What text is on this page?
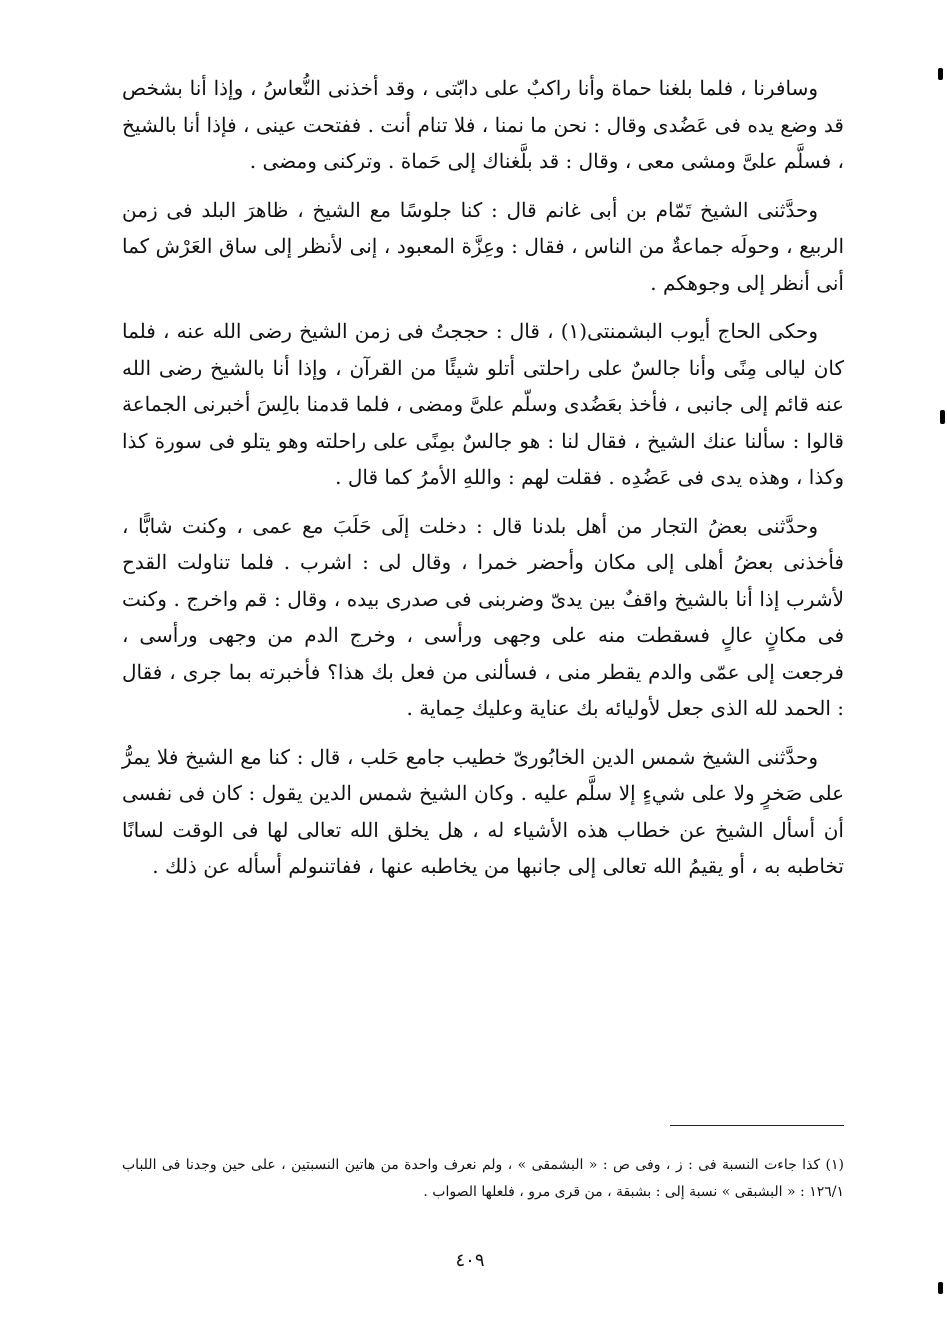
وسافرنا ، فلما بلغنا حماة وأنا راكبٌ على دابّتى ، وقد أخذنى النُّعاسُ ، وإذا أنا بشخص قد وضع يده فى عَضُدى وقال : نحن ما نمنا ، فلا تنام أنت . ففتحت عينى ، فإذا أنا بالشيخ ، فسلَّم علىَّ ومشى معى ، وقال : قد بلَّغناك إلى حَماة . وتركنى ومضى .

وحدَّثنى الشيخ تَمّام بن أبى غانم قال : كنا جلوسًا مع الشيخ ، ظاهرَ البلد فى زمن الربيع ، وحولَه جماعةٌ من الناس ، فقال : وعِزَّة المعبود ، إنى لأنظر إلى ساق العَرْش كما أنى أنظر إلى وجوهكم .

وحكى الحاج أيوب البشمنتى(١) ، قال : حججتُ فى زمن الشيخ رضى الله عنه ، فلما كان ليالى مِنًى وأنا جالسٌ على راحلتى أتلو شيئًا من القرآن ، وإذا أنا بالشيخ رضى الله عنه قائم إلى جانبى ، فأخذ بعَضُدى وسلّم علىَّ ومضى ، فلما قدمنا بالِسَ أخبرنى الجماعة قالوا : سألنا عنك الشيخ ، فقال لنا : هو جالسٌ بمِنًى على راحلته وهو يتلو فى سورة كذا وكذا ، وهذه يدى فى عَضُدِه . فقلت لهم : واللهِ الأمرُ كما قال .

وحدَّثنى بعضُ التجار من أهل بلدنا قال : دخلت إلَى حَلَبَ مع عمى ، وكنت شابًّا ، فأخذنى بعضُ أهلى إلى مكان وأحضر خمرا ، وقال لى : اشرب . فلما تناولت القدح لأشرب إذا أنا بالشيخ واقفٌ بين يدىّ وضربنى فى صدرى بيده ، وقال : قم واخرج . وكنت فى مكانٍ عالٍ فسقطت منه على وجهى ورأسى ، وخرج الدم من وجهى ورأسى ، فرجعت إلى عمّى والدم يقطر منى ، فسألنى من فعل بك هذا؟ فأخبرته بما جرى ، فقال : الحمد لله الذى جعل لأوليائه بك عناية وعليك حِماية .

وحدَّثنى الشيخ شمس الدين الخابُورىّ خطيب جامع حَلب ، قال : كنا مع الشيخ فلا يمرُّ على صَخرٍ ولا على شيءٍ إلا سلَّم عليه . وكان الشيخ شمس الدين يقول : كان فى نفسى أن أسأل الشيخ عن خطاب هذه الأشياء له ، هل يخلق الله تعالى لها فى الوقت لسانًا تخاطبه به ، أو يقيمُ الله تعالى إلى جانبها من يخاطبه عنها ، ففاتنىولم أسأله عن ذلك .

(١) كذا جاءت النسبة فى : ز ، وفى ص : « البشمقى » ، ولم نعرف واحدة من هاتين النسبتين ، على حين وجدنا فى اللباب ١٢٦/١ : « البشبقى » نسبة إلى : بشبقة ، من قرى مرو ، فلعلها الصواب .

٤٠٩
